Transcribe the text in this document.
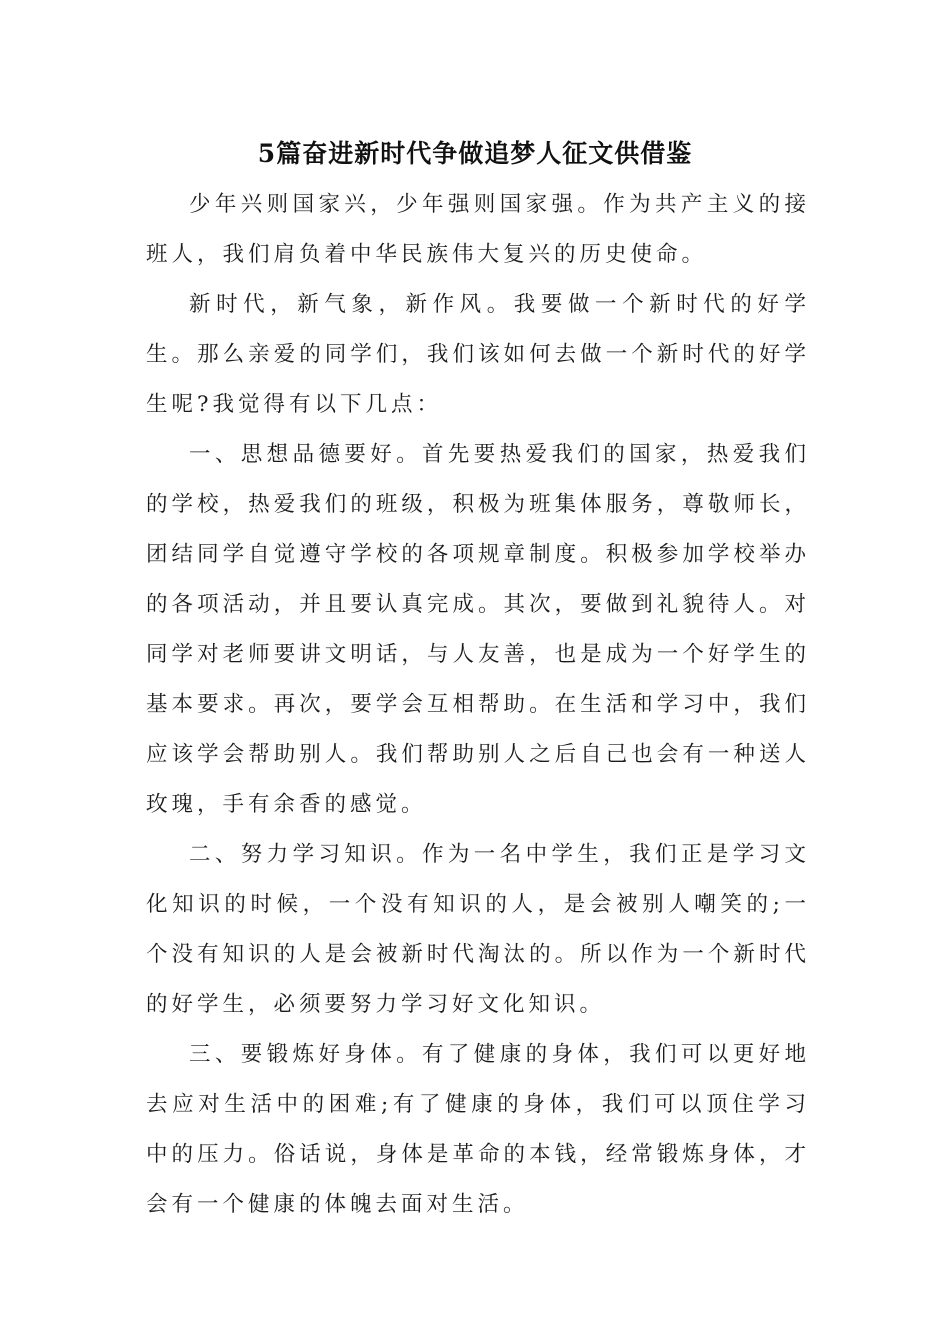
5篇奋进新时代争做追梦人征文供借鉴

少年兴则国家兴，少年强则国家强。作为共产主义的接班人，我们肩负着中华民族伟大复兴的历史使命。

新时代，新气象，新作风。我要做一个新时代的好学生。那么亲爱的同学们，我们该如何去做一个新时代的好学生呢?我觉得有以下几点：

一、思想品德要好。首先要热爱我们的国家，热爱我们的学校，热爱我们的班级，积极为班集体服务，尊敬师长，团结同学自觉遵守学校的各项规章制度。积极参加学校举办的各项活动，并且要认真完成。其次，要做到礼貌待人。对同学对老师要讲文明话，与人友善，也是成为一个好学生的基本要求。再次，要学会互相帮助。在生活和学习中，我们应该学会帮助别人。我们帮助别人之后自己也会有一种送人玫瑰，手有余香的感觉。

二、努力学习知识。作为一名中学生，我们正是学习文化知识的时候，一个没有知识的人，是会被别人嘲笑的;一个没有知识的人是会被新时代淘汰的。所以作为一个新时代的好学生，必须要努力学习好文化知识。

三、要锻炼好身体。有了健康的身体，我们可以更好地去应对生活中的困难;有了健康的身体，我们可以顶住学习中的压力。俗话说，身体是革命的本钱，经常锻炼身体，才会有一个健康的体魄去面对生活。
